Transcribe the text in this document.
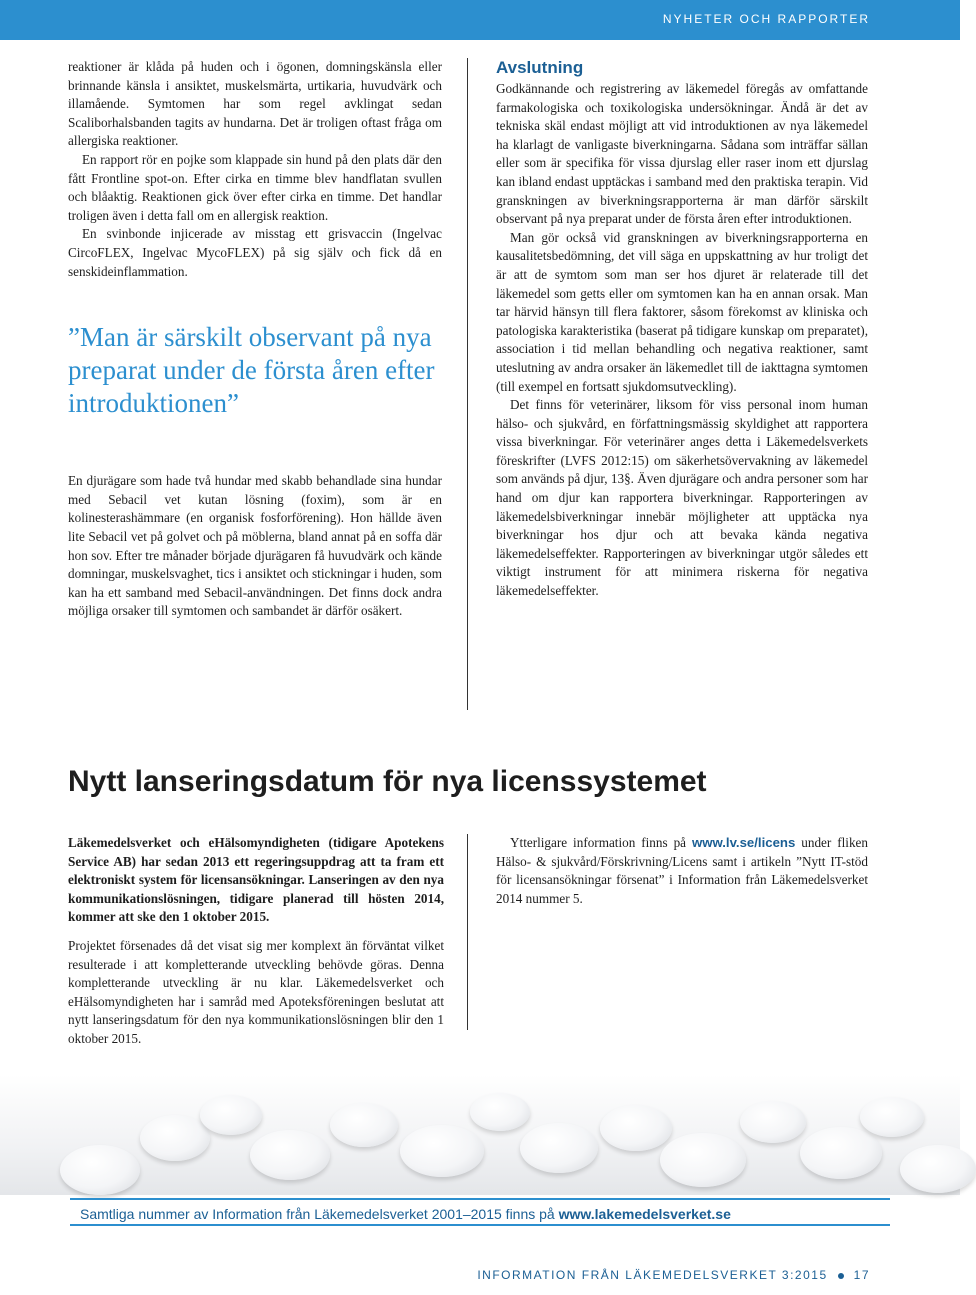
NYHETER OCH RAPPORTER

reaktioner är klåda på huden och i ögonen, domningskänsla eller brinnande känsla i ansiktet, muskelsmärta, urtikaria, huvudvärk och illamående. Symtomen har som regel avklingat sedan Scaliborhalsbanden tagits av hundarna. Det är troligen oftast fråga om allergiska reaktioner.

En rapport rör en pojke som klappade sin hund på den plats där den fått Frontline spot-on. Efter cirka en timme blev handflatan svullen och blåaktig. Reaktionen gick över efter cirka en timme. Det handlar troligen även i detta fall om en allergisk reaktion.

En svinbonde injicerade av misstag ett grisvaccin (Ingelvac CircoFLEX, Ingelvac MycoFLEX) på sig själv och fick då en senskideinflammation.

”Man är särskilt observant på nya preparat under de första åren efter introduktionen”

En djurägare som hade två hundar med skabb behandlade sina hundar med Sebacil vet kutan lösning (foxim), som är en kolinesterashämmare (en organisk fosforförening). Hon hällde även lite Sebacil vet på golvet och på möblerna, bland annat på en soffa där hon sov. Efter tre månader började djurägaren få huvudvärk och kände domningar, muskelsvaghet, tics i ansiktet och stickningar i huden, som kan ha ett samband med Sebacil-användningen. Det finns dock andra möjliga orsaker till symtomen och sambandet är därför osäkert.

Avslutning

Godkännande och registrering av läkemedel föregås av omfattande farmakologiska och toxikologiska undersökningar. Ändå är det av tekniska skäl endast möjligt att vid introduktionen av nya läkemedel ha klarlagt de vanligaste biverkningarna. Sådana som inträffar sällan eller som är specifika för vissa djurslag eller raser inom ett djurslag kan ibland endast upptäckas i samband med den praktiska terapin. Vid granskningen av biverkningsrapporterna är man därför särskilt observant på nya preparat under de första åren efter introduktionen.

Man gör också vid granskningen av biverkningsrapporterna en kausalitetsbedömning, det vill säga en uppskattning av hur troligt det är att de symtom som man ser hos djuret är relaterade till det läkemedel som getts eller om symtomen kan ha en annan orsak. Man tar härvid hänsyn till flera faktorer, såsom förekomst av kliniska och patologiska karakteristika (baserat på tidigare kunskap om preparatet), association i tid mellan behandling och negativa reaktioner, samt uteslutning av andra orsaker än läkemedlet till de iakttagna symtomen (till exempel en fortsatt sjukdomsutveckling).

Det finns för veterinärer, liksom för viss personal inom human hälso- och sjukvård, en författningsmässig skyldighet att rapportera vissa biverkningar. För veterinärer anges detta i Läkemedelsverkets föreskrifter (LVFS 2012:15) om säkerhetsövervakning av läkemedel som används på djur, 13§. Även djurägare och andra personer som har hand om djur kan rapportera biverkningar. Rapporteringen av läkemedelsbiverkningar innebär möjligheter att upptäcka nya biverkningar hos djur och att bevaka kända negativa läkemedelseffekter. Rapporteringen av biverkningar utgör således ett viktigt instrument för att minimera riskerna för negativa läkemedelseffekter.

Nytt lanseringsdatum för nya licenssystemet

Läkemedelsverket och eHälsomyndigheten (tidigare Apotekens Service AB) har sedan 2013 ett regeringsuppdrag att ta fram ett elektroniskt system för licensansökningar. Lanseringen av den nya kommunikationslösningen, tidigare planerad till hösten 2014, kommer att ske den 1 oktober 2015.

Projektet försenades då det visat sig mer komplext än förväntat vilket resulterade i att kompletterande utveckling behövde göras. Denna kompletterande utveckling är nu klar. Läkemedelsverket och eHälsomyndigheten har i samråd med Apoteksföreningen beslutat att nytt lanseringsdatum för den nya kommunikationslösningen blir den 1 oktober 2015.

Ytterligare information finns på www.lv.se/licens under fliken Hälso- & sjukvård/Förskrivning/Licens samt i artikeln ”Nytt IT-stöd för licensansökningar försenat” i Information från Läkemedelsverket 2014 nummer 5.

Samtliga nummer av Information från Läkemedelsverket 2001–2015 finns på www.lakemedelsverket.se
INFORMATION FRÅN LÄKEMEDELSVERKET 3:2015 17
